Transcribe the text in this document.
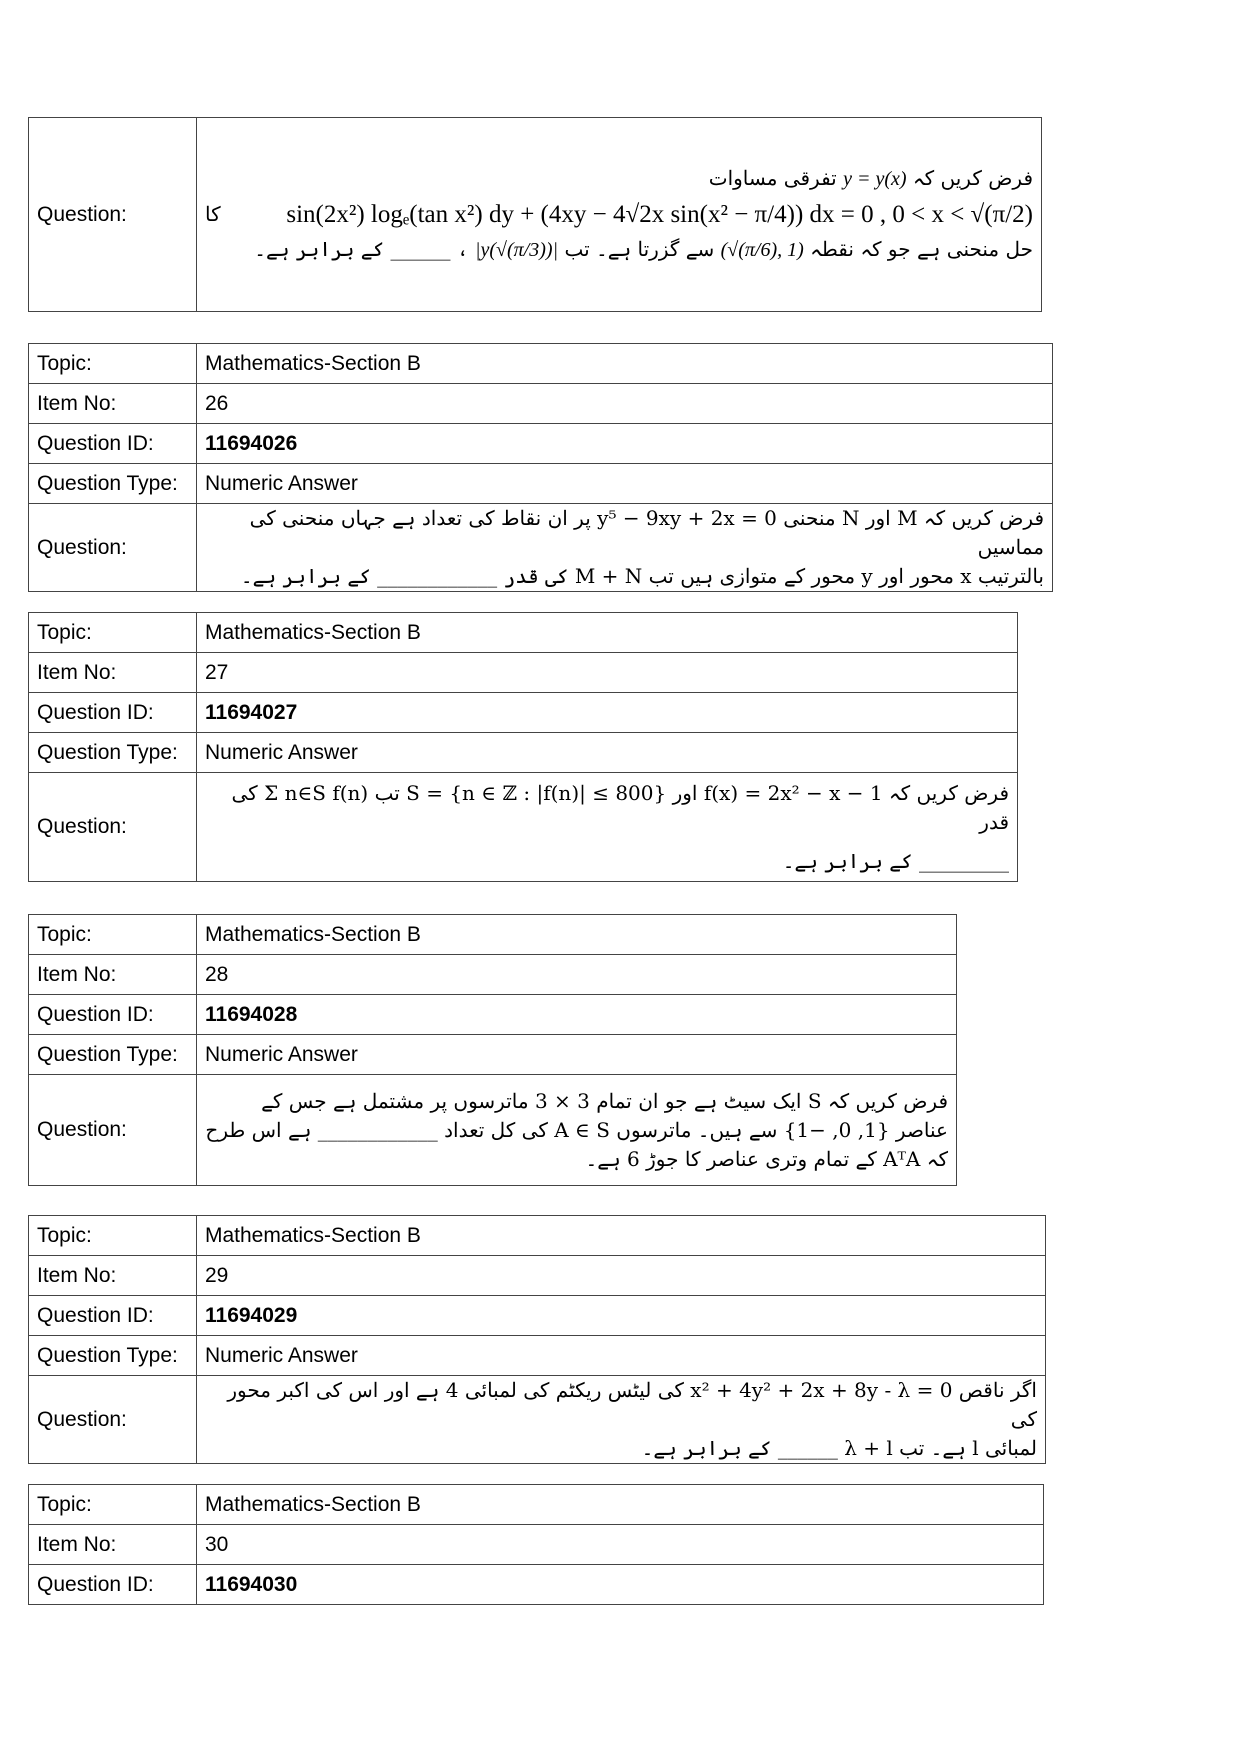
Question:	
فرض کریں کہ y = y(x) تفرقی مساوات
کا	sin(2x²) logₑ(tan x²) dy + (4xy − 4√2x sin(x² − π/4)) dx = 0 , 0 < x < √(π/2)
حل منحنی ہے جو کہ نقطہ (√(π/6), 1) سے گزرتا ہے۔ تب |y(√(π/3))| ، ______ کے برابر ہے۔
Topic:	Mathematics-Section B
Item No:	26
Question ID:	11694026
Question Type:	Numeric Answer
Question:	فرض کریں کہ M اور N منحنی y⁵ − 9xy + 2x = 0 پر ان نقاط کی تعداد ہے جہاں منحنی کی مماسیں
بالترتیب x محور اور y محور کے متوازی ہیں تب M + N کی قدر ____________ کے برابر ہے۔
Topic:	Mathematics-Section B
Item No:	27
Question ID:	11694027
Question Type:	Numeric Answer
Question:	فرض کریں کہ f(x) = 2x² − x − 1 اور S = {n ∈ ℤ : |f(n)| ≤ 800} تب Σ n∈S f(n) کی قدر
_________ کے برابر ہے۔
Topic:	Mathematics-Section B
Item No:	28
Question ID:	11694028
Question Type:	Numeric Answer
Question:	فرض کریں کہ S ایک سیٹ ہے جو ان تمام 3 × 3 ماترسوں پر مشتمل ہے جس کے
عناصر {1, 0, −1} سے ہیں۔ ماترسوں A ∈ S کی کل تعداد ____________ ہے اس طرح
کہ AᵀA کے تمام وتری عناصر کا جوڑ 6 ہے۔
Topic:	Mathematics-Section B
Item No:	29
Question ID:	11694029
Question Type:	Numeric Answer
Question:	اگر ناقص x² + 4y² + 2x + 8y - λ = 0 کی لیٹس ریکٹم کی لمبائی 4 ہے اور اس کی اکبر محور کی
لمبائی l ہے۔ تب λ + l ______ کے برابر ہے۔
Topic:	Mathematics-Section B
Item No:	30
Question ID:	11694030
